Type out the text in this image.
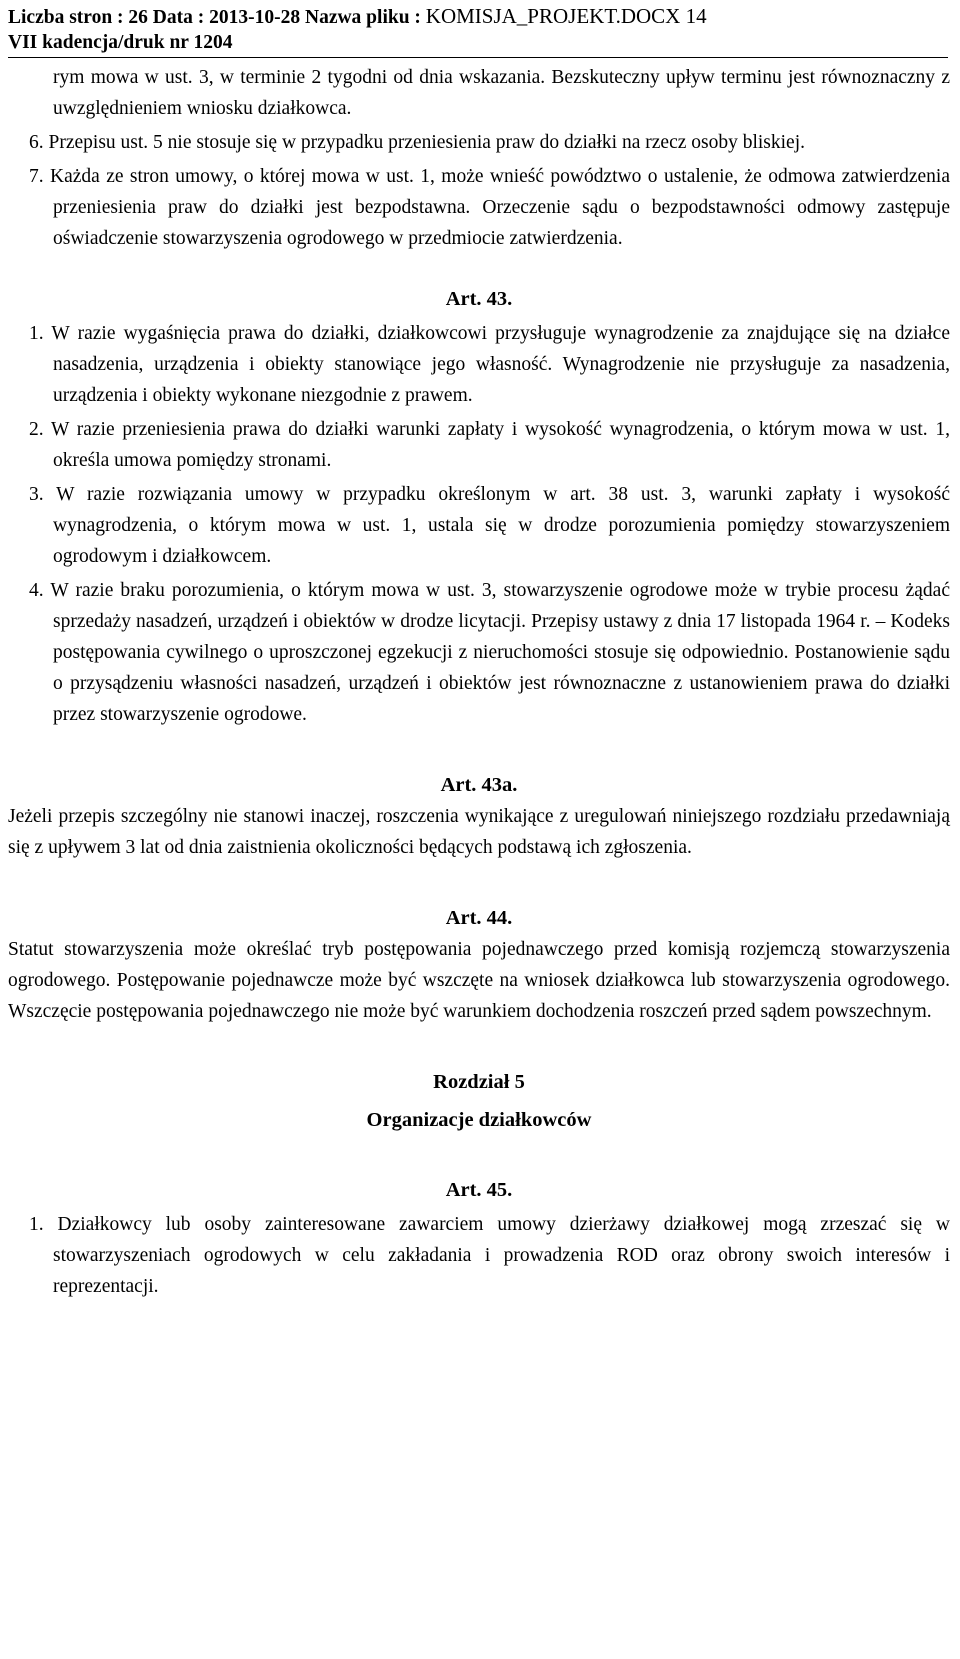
Liczba stron : 26 Data : 2013-10-28 Nazwa pliku : KOMISJA_PROJEKT.DOCX 14
VII kadencja/druk nr 1204

rym mowa w ust. 3, w terminie 2 tygodni od dnia wskazania. Bezskuteczny upływ terminu jest równoznaczny z uwzględnieniem wniosku działkowca.

6. Przepisu ust. 5 nie stosuje się w przypadku przeniesienia praw do działki na rzecz osoby bliskiej.

7. Każda ze stron umowy, o której mowa w ust. 1, może wnieść powództwo o ustalenie, że odmowa zatwierdzenia przeniesienia praw do działki jest bezpodstawna. Orzeczenie sądu o bezpodstawności odmowy zastępuje oświadczenie stowarzyszenia ogrodowego w przedmiocie zatwierdzenia.

Art. 43.

1. W razie wygaśnięcia prawa do działki, działkowcowi przysługuje wynagrodzenie za znajdujące się na działce nasadzenia, urządzenia i obiekty stanowiące jego własność. Wynagrodzenie nie przysługuje za nasadzenia, urządzenia i obiekty wykonane niezgodnie z prawem.

2. W razie przeniesienia prawa do działki warunki zapłaty i wysokość wynagrodzenia, o którym mowa w ust. 1, określa umowa pomiędzy stronami.

3. W razie rozwiązania umowy w przypadku określonym w art. 38 ust. 3, warunki zapłaty i wysokość wynagrodzenia, o którym mowa w ust. 1, ustala się w drodze porozumienia pomiędzy stowarzyszeniem ogrodowym i działkowcem.

4. W razie braku porozumienia, o którym mowa w ust. 3, stowarzyszenie ogrodowe może w trybie procesu żądać sprzedaży nasadzeń, urządzeń i obiektów w drodze licytacji. Przepisy ustawy z dnia 17 listopada 1964 r. – Kodeks postępowania cywilnego o uproszczonej egzekucji z nieruchomości stosuje się odpowiednio. Postanowienie sądu o przysądzeniu własności nasadzeń, urządzeń i obiektów jest równoznaczne z ustanowieniem prawa do działki przez stowarzyszenie ogrodowe.

Art. 43a.

Jeżeli przepis szczególny nie stanowi inaczej, roszczenia wynikające z uregulowań niniejszego rozdziału przedawniają się z upływem 3 lat od dnia zaistnienia okoliczności będących podstawą ich zgłoszenia.

Art. 44.

Statut stowarzyszenia może określać tryb postępowania pojednawczego przed komisją rozjemczą stowarzyszenia ogrodowego. Postępowanie pojednawcze może być wszczęte na wniosek działkowca lub stowarzyszenia ogrodowego. Wszczęcie postępowania pojednawczego nie może być warunkiem dochodzenia roszczeń przed sądem powszechnym.

Rozdział 5
Organizacje działkowców
Art. 45.

1. Działkowcy lub osoby zainteresowane zawarciem umowy dzierżawy działkowej mogą zrzeszać się w stowarzyszeniach ogrodowych w celu zakładania i prowadzenia ROD oraz obrony swoich interesów i reprezentacji.
